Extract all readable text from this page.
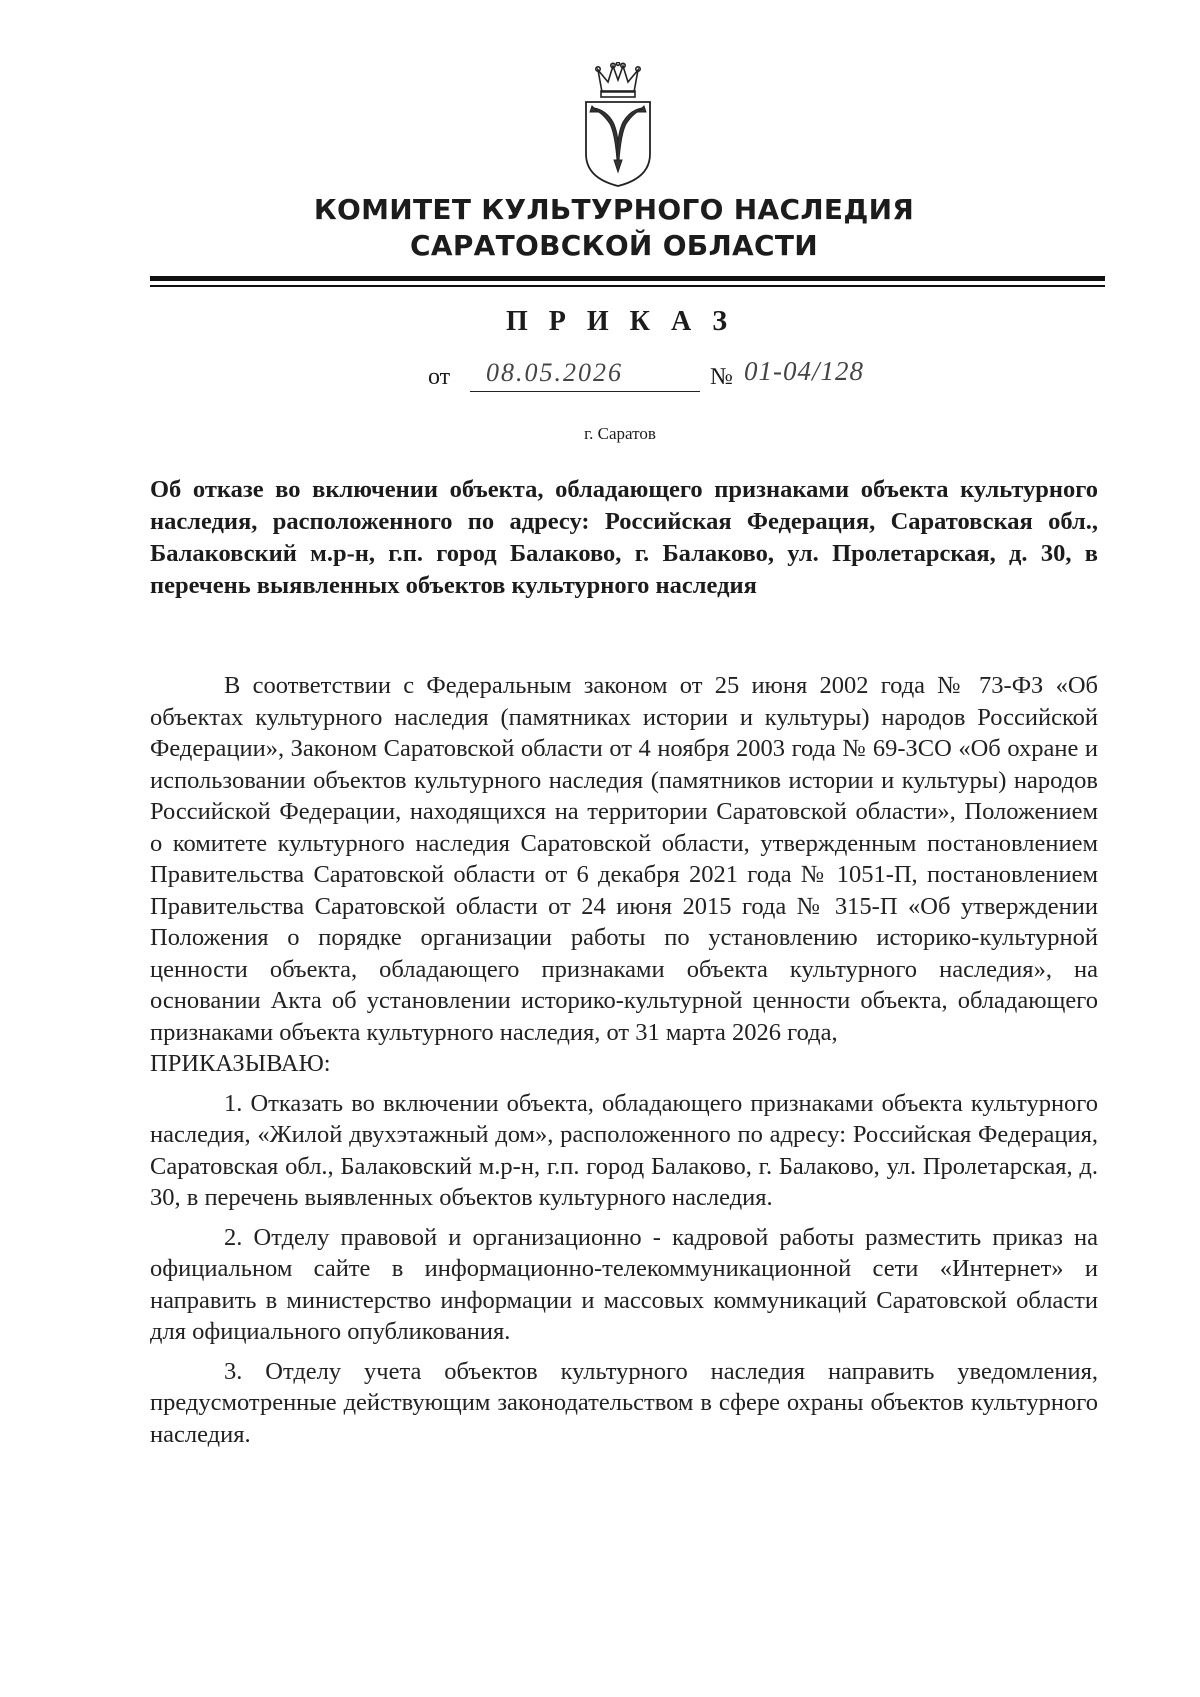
КОМИТЕТ КУЛЬТУРНОГО НАСЛЕДИЯ
САРАТОВСКОЙ ОБЛАСТИ
П Р И К А З
от	08.05.2026	№ 01-04/128
г. Саратов
Об отказе во включении объекта, обладающего признаками объекта культурного наследия, расположенного по адресу: Российская Федерация, Саратовская обл., Балаковский м.р-н, г.п. город Балаково, г. Балаково, ул. Пролетарская, д. 30, в перечень выявленных объектов культурного наследия

В соответствии с Федеральным законом от 25 июня 2002 года № 73-ФЗ «Об объектах культурного наследия (памятниках истории и культуры) народов Российской Федерации», Законом Саратовской области от 4 ноября 2003 года № 69-ЗСО «Об охране и использовании объектов культурного наследия (памятников истории и культуры) народов Российской Федерации, находящихся на территории Саратовской области», Положением о комитете культурного наследия Саратовской области, утвержденным постановлением Правительства Саратовской области от 6 декабря 2021 года № 1051-П, постановлением Правительства Саратовской области от 24 июня 2015 года № 315-П «Об утверждении Положения о порядке организации работы по установлению историко-культурной ценности объекта, обладающего признаками объекта культурного наследия», на основании Акта об установлении историко-культурной ценности объекта, обладающего признаками объекта культурного наследия, от 31 марта 2026 года,

ПРИКАЗЫВАЮ:

1. Отказать во включении объекта, обладающего признаками объекта культурного наследия, «Жилой двухэтажный дом», расположенного по адресу: Российская Федерация, Саратовская обл., Балаковский м.р-н, г.п. город Балаково, г. Балаково, ул. Пролетарская, д. 30, в перечень выявленных объектов культурного наследия.

2. Отделу правовой и организационно - кадровой работы разместить приказ на официальном сайте в информационно-телекоммуникационной сети «Интернет» и направить в министерство информации и массовых коммуникаций Саратовской области для официального опубликования.

3. Отделу учета объектов культурного наследия направить уведомления, предусмотренные действующим законодательством в сфере охраны объектов культурного наследия.
